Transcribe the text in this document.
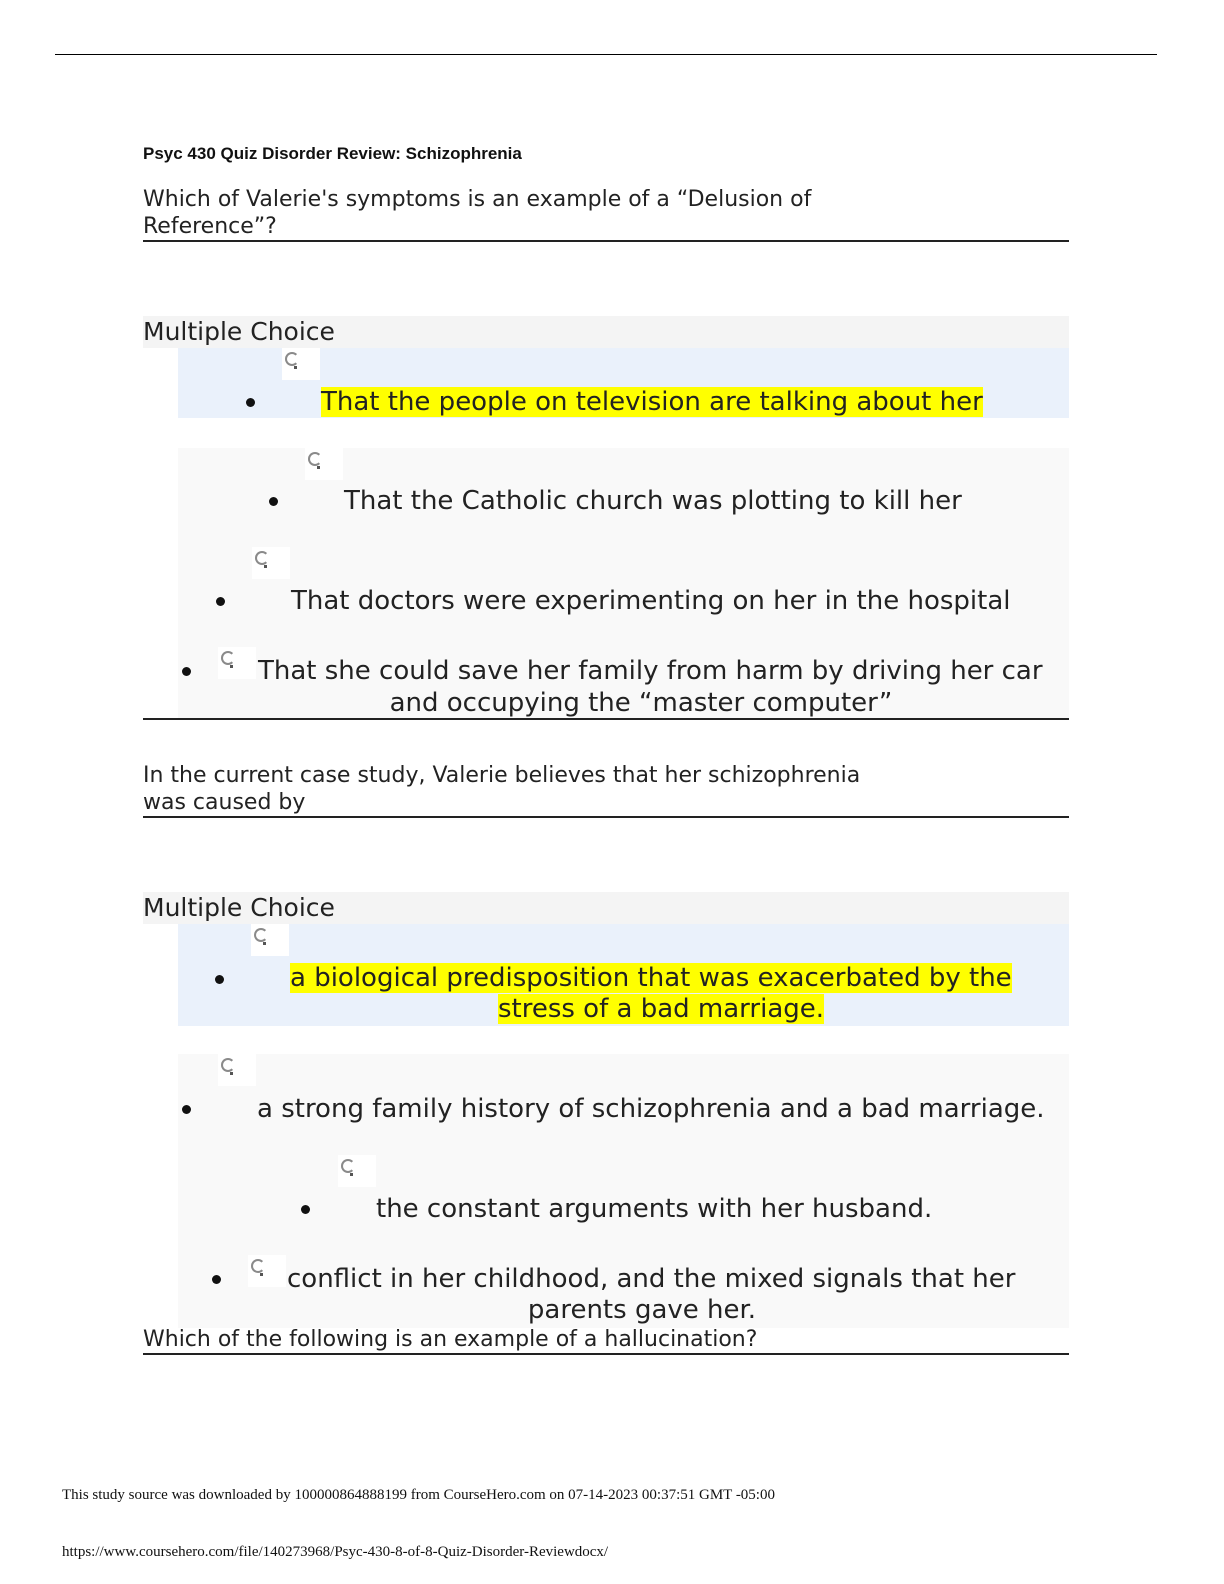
Psyc 430 Quiz Disorder Review: Schizophrenia
Which of Valerie's symptoms is an example of a “Delusion of Reference”?
Multiple Choice
That the people on television are talking about her
That the Catholic church was plotting to kill her
That doctors were experimenting on her in the hospital
That she could save her family from harm by driving her car
and occupying the “master computer”
In the current case study, Valerie believes that her schizophrenia was caused by
Multiple Choice
a biological predisposition that was exacerbated by the
stress of a bad marriage.
a strong family history of schizophrenia and a bad marriage.
the constant arguments with her husband.
conflict in her childhood, and the mixed signals that her
parents gave her.
Which of the following is an example of a hallucination?
This study source was downloaded by 100000864888199 from CourseHero.com on 07-14-2023 00:37:51 GMT -05:00
https://www.coursehero.com/file/140273968/Psyc-430-8-of-8-Quiz-Disorder-Reviewdocx/
